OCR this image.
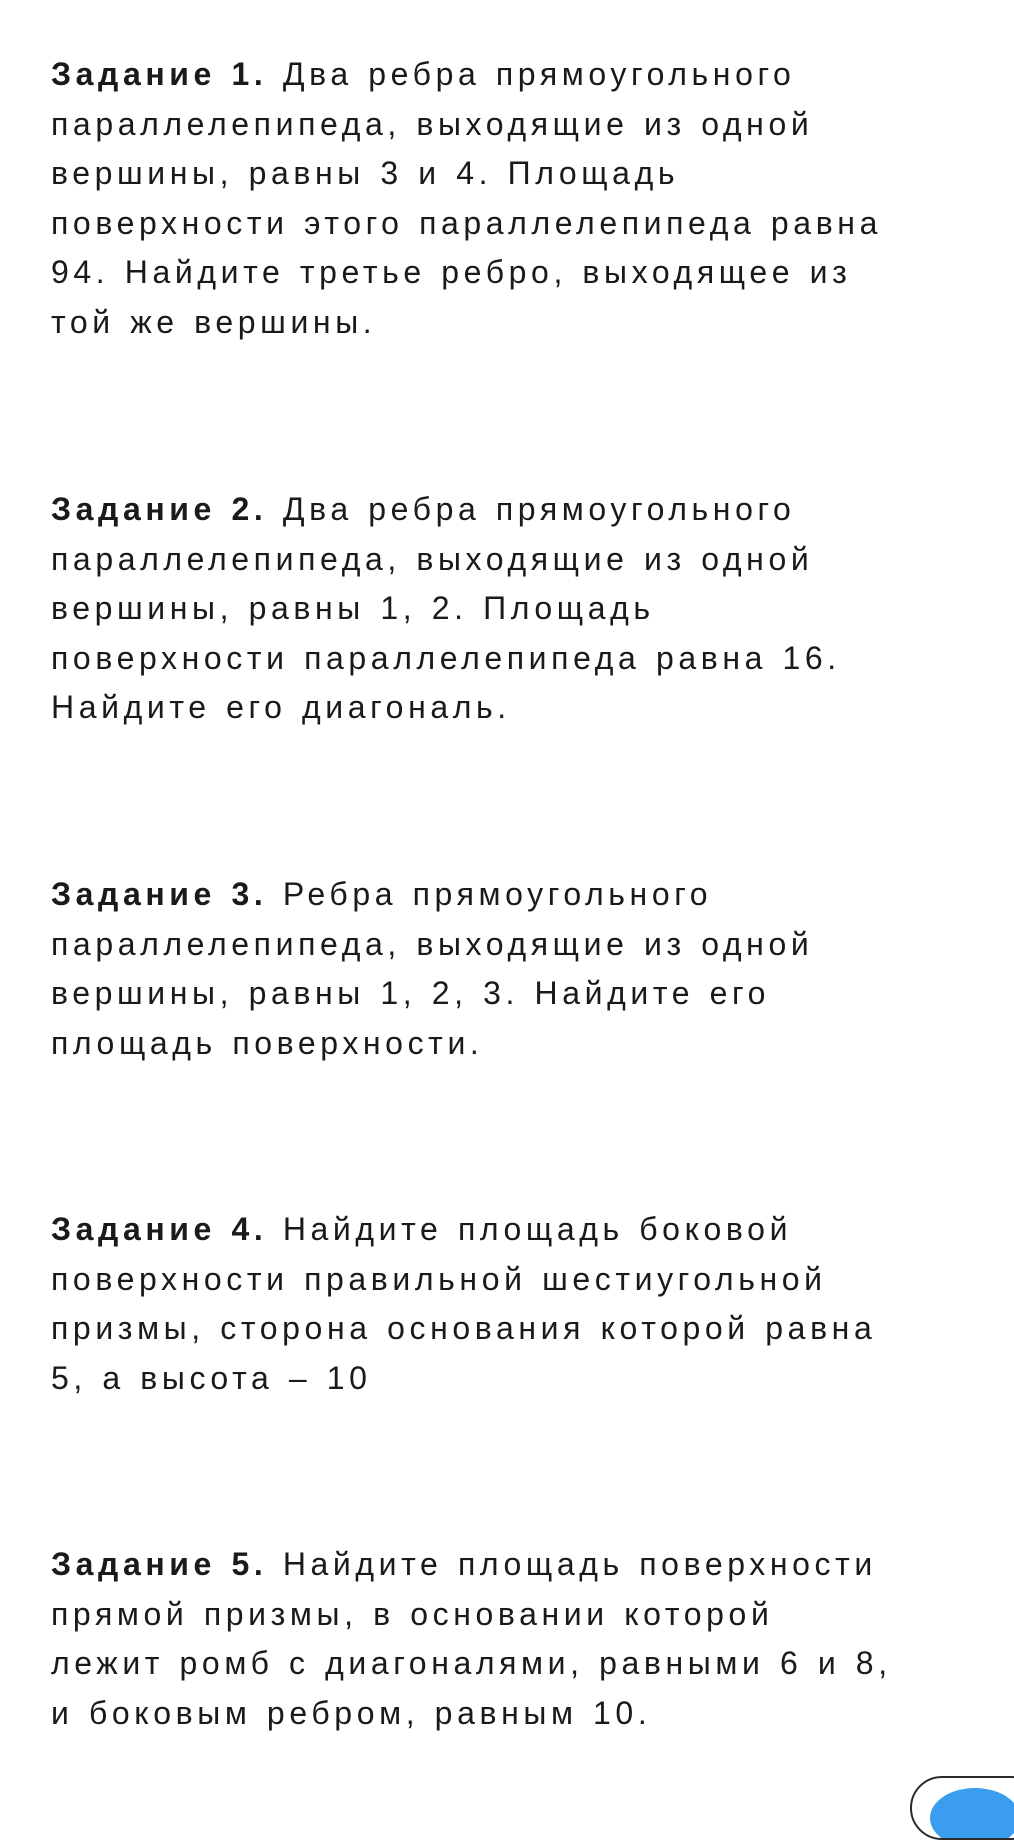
Задание 1. Два ребра прямоугольного
параллелепипеда, выходящие из одной
вершины, равны 3 и 4. Площадь
поверхности этого параллелепипеда равна
94. Найдите третье ребро, выходящее из
той же вершины.
Задание 2. Два ребра прямоугольного
параллелепипеда, выходящие из одной
вершины, равны 1, 2. Площадь
поверхности параллелепипеда равна 16.
Найдите его диагональ.
Задание 3. Ребра прямоугольного
параллелепипеда, выходящие из одной
вершины, равны 1, 2, 3. Найдите его
площадь поверхности.
Задание 4. Найдите площадь боковой
поверхности правильной шестиугольной
призмы, сторона основания которой равна
5, а высота – 10
Задание 5. Найдите площадь поверхности
прямой призмы, в основании которой
лежит ромб с диагоналями, равными 6 и 8,
и боковым ребром, равным 10.
